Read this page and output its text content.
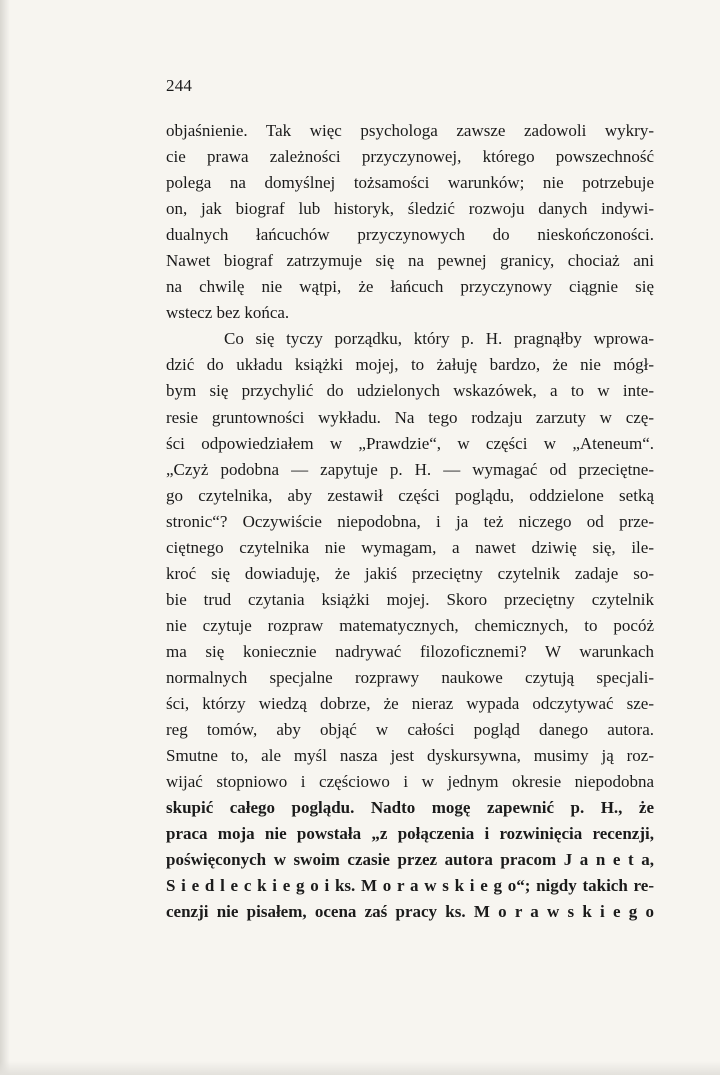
244
objaśnienie. Tak więc psychologa zawsze zadowoli wykry-
cie prawa zależności przyczynowej, którego powszechność
polega na domyślnej tożsamości warunków; nie potrzebuje
on, jak biograf lub historyk, śledzić rozwoju danych indywi-
dualnych łańcuchów przyczynowych do nieskończoności.
Nawet biograf zatrzymuje się na pewnej granicy, chociaż ani
na chwilę nie wątpi, że łańcuch przyczynowy ciągnie się
wstecz bez końca.
Co się tyczy porządku, który p. H. pragnąłby wprowa-
dzić do układu książki mojej, to żałuję bardzo, że nie mógł-
bym się przychylić do udzielonych wskazówek, a to w inte-
resie gruntowności wykładu. Na tego rodzaju zarzuty w czę-
ści odpowiedziałem w „Prawdzie“, w części w „Ateneum“.
„Czyż podobna — zapytuje p. H. — wymagać od przeciętne-
go czytelnika, aby zestawił części poglądu, oddzielone setką
stronic“? Oczywiście niepodobna, i ja też niczego od prze-
ciętnego czytelnika nie wymagam, a nawet dziwię się, ile-
kroć się dowiaduję, że jakiś przeciętny czytelnik zadaje so-
bie trud czytania książki mojej. Skoro przeciętny czytelnik
nie czytuje rozpraw matematycznych, chemicznych, to pocóż
ma się koniecznie nadrywać filozoficznemi? W warunkach
normalnych specjalne rozprawy naukowe czytują specjali-
ści, którzy wiedzą dobrze, że nieraz wypada odczytywać sze-
reg tomów, aby objąć w całości pogląd danego autora.
Smutne to, ale myśl nasza jest dyskursywna, musimy ją roz-
wijać stopniowo i częściowo i w jednym okresie niepodobna
skupić całego poglądu. Nadto mogę zapewnić p. H., że
praca moja nie powstała „z połączenia i rozwinięcia recenzji,
poświęconych w swoim czasie przez autora pracom J a n e t a,
S i e d l e c k i e g o i ks. M o r a w s k i e g o“; nigdy takich re-
cenzji nie pisałem, ocena zaś pracy ks. M o r a w s k i e g o
